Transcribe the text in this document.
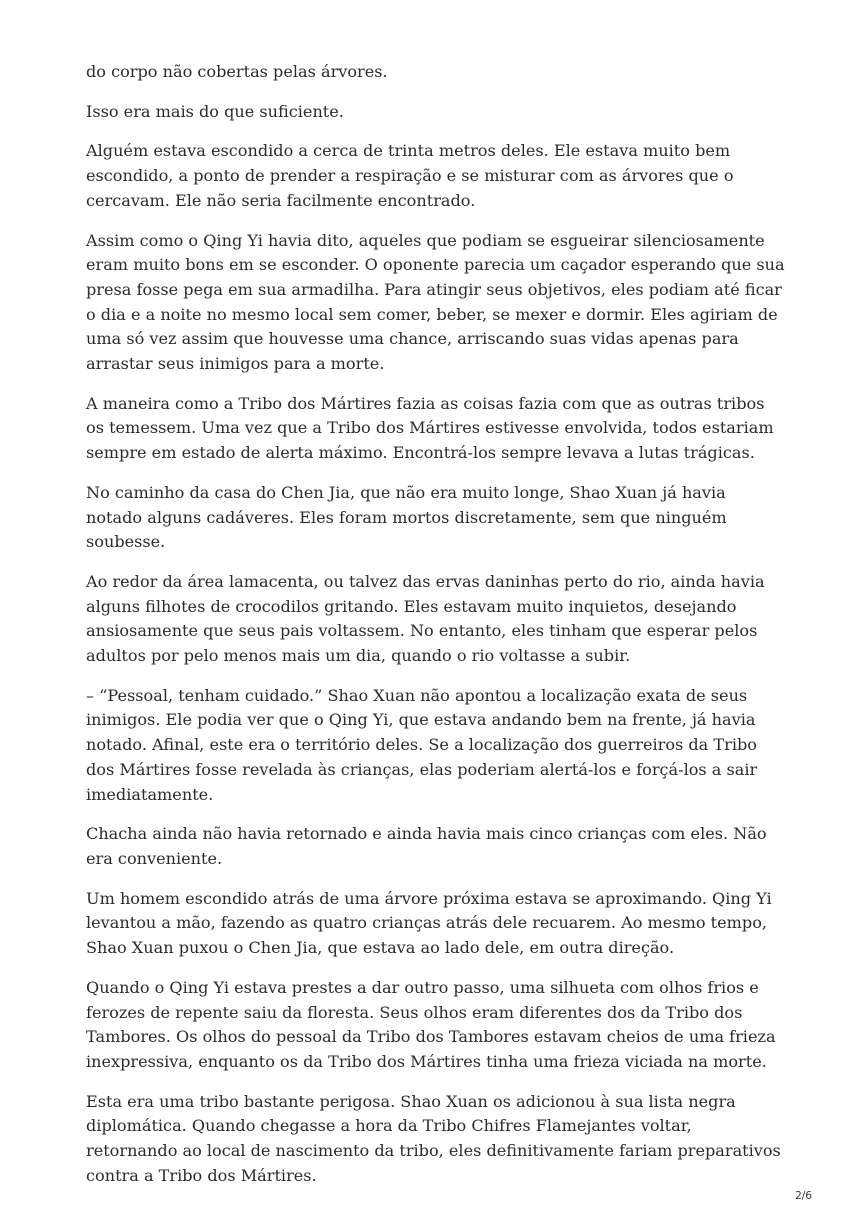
do corpo não cobertas pelas árvores.

Isso era mais do que suficiente.

Alguém estava escondido a cerca de trinta metros deles. Ele estava muito bem escondido, a ponto de prender a respiração e se misturar com as árvores que o cercavam. Ele não seria facilmente encontrado.

Assim como o Qing Yi havia dito, aqueles que podiam se esgueirar silenciosamente eram muito bons em se esconder. O oponente parecia um caçador esperando que sua presa fosse pega em sua armadilha. Para atingir seus objetivos, eles podiam até ficar o dia e a noite no mesmo local sem comer, beber, se mexer e dormir. Eles agiriam de uma só vez assim que houvesse uma chance, arriscando suas vidas apenas para arrastar seus inimigos para a morte.

A maneira como a Tribo dos Mártires fazia as coisas fazia com que as outras tribos os temessem. Uma vez que a Tribo dos Mártires estivesse envolvida, todos estariam sempre em estado de alerta máximo. Encontrá-los sempre levava a lutas trágicas.

No caminho da casa do Chen Jia, que não era muito longe, Shao Xuan já havia notado alguns cadáveres. Eles foram mortos discretamente, sem que ninguém soubesse.

Ao redor da área lamacenta, ou talvez das ervas daninhas perto do rio, ainda havia alguns filhotes de crocodilos gritando. Eles estavam muito inquietos, desejando ansiosamente que seus pais voltassem. No entanto, eles tinham que esperar pelos adultos por pelo menos mais um dia, quando o rio voltasse a subir.

– “Pessoal, tenham cuidado.” Shao Xuan não apontou a localização exata de seus inimigos. Ele podia ver que o Qing Yi, que estava andando bem na frente, já havia notado. Afinal, este era o território deles. Se a localização dos guerreiros da Tribo dos Mártires fosse revelada às crianças, elas poderiam alertá-los e forçá-los a sair imediatamente.

Chacha ainda não havia retornado e ainda havia mais cinco crianças com eles. Não era conveniente.

Um homem escondido atrás de uma árvore próxima estava se aproximando. Qing Yi levantou a mão, fazendo as quatro crianças atrás dele recuarem. Ao mesmo tempo, Shao Xuan puxou o Chen Jia, que estava ao lado dele, em outra direção.

Quando o Qing Yi estava prestes a dar outro passo, uma silhueta com olhos frios e ferozes de repente saiu da floresta. Seus olhos eram diferentes dos da Tribo dos Tambores. Os olhos do pessoal da Tribo dos Tambores estavam cheios de uma frieza inexpressiva, enquanto os da Tribo dos Mártires tinha uma frieza viciada na morte.

Esta era uma tribo bastante perigosa. Shao Xuan os adicionou à sua lista negra diplomática. Quando chegasse a hora da Tribo Chifres Flamejantes voltar, retornando ao local de nascimento da tribo, eles definitivamente fariam preparativos contra a Tribo dos Mártires.

2/6
